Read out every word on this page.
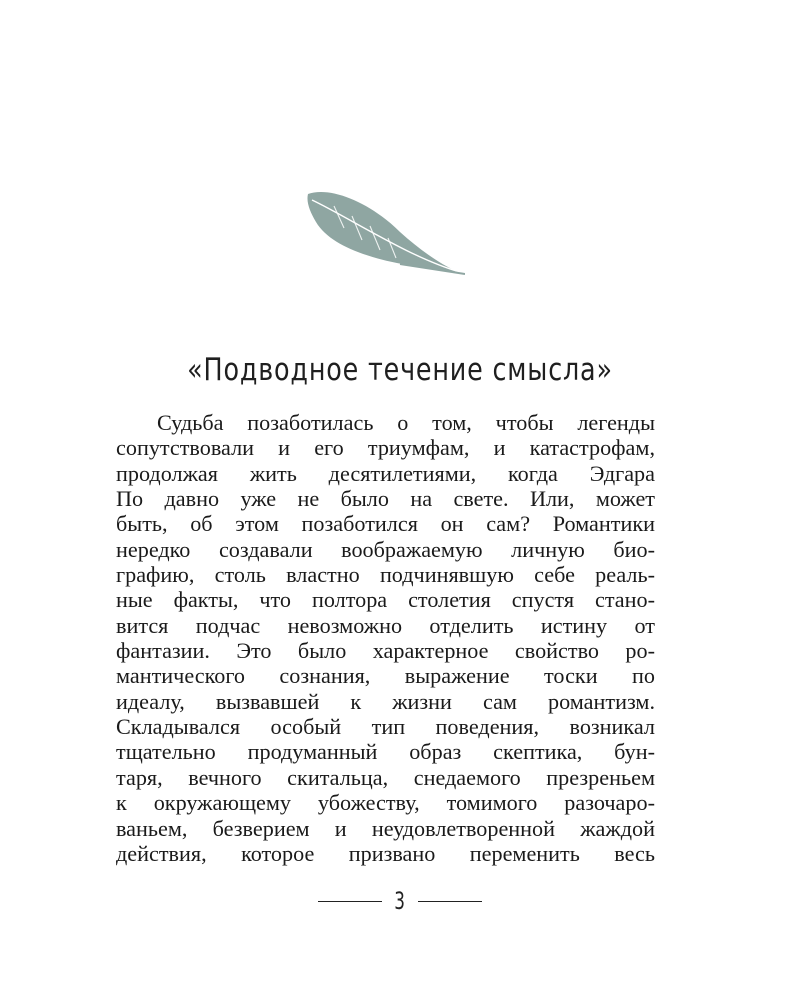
«Подводное течение смысла»
Судьба позаботилась о том, чтобы легенды
сопутствовали и его триумфам, и катастрофам,
продолжая жить десятилетиями, когда Эдгара
По давно уже не было на свете. Или, может
быть, об этом позаботился он сам? Романтики
нередко создавали воображаемую личную био-
графию, столь властно подчинявшую себе реаль-
ные факты, что полтора столетия спустя стано-
вится подчас невозможно отделить истину от
фантазии. Это было характерное свойство ро-
мантического сознания, выражение тоски по
идеалу, вызвавшей к жизни сам романтизм.
Складывался особый тип поведения, возникал
тщательно продуманный образ скептика, бун-
таря, вечного скитальца, снедаемого презреньем
к окружающему убожеству, томимого разочаро-
ваньем, безверием и неудовлетворенной жаждой
действия, которое призвано переменить весь
3
